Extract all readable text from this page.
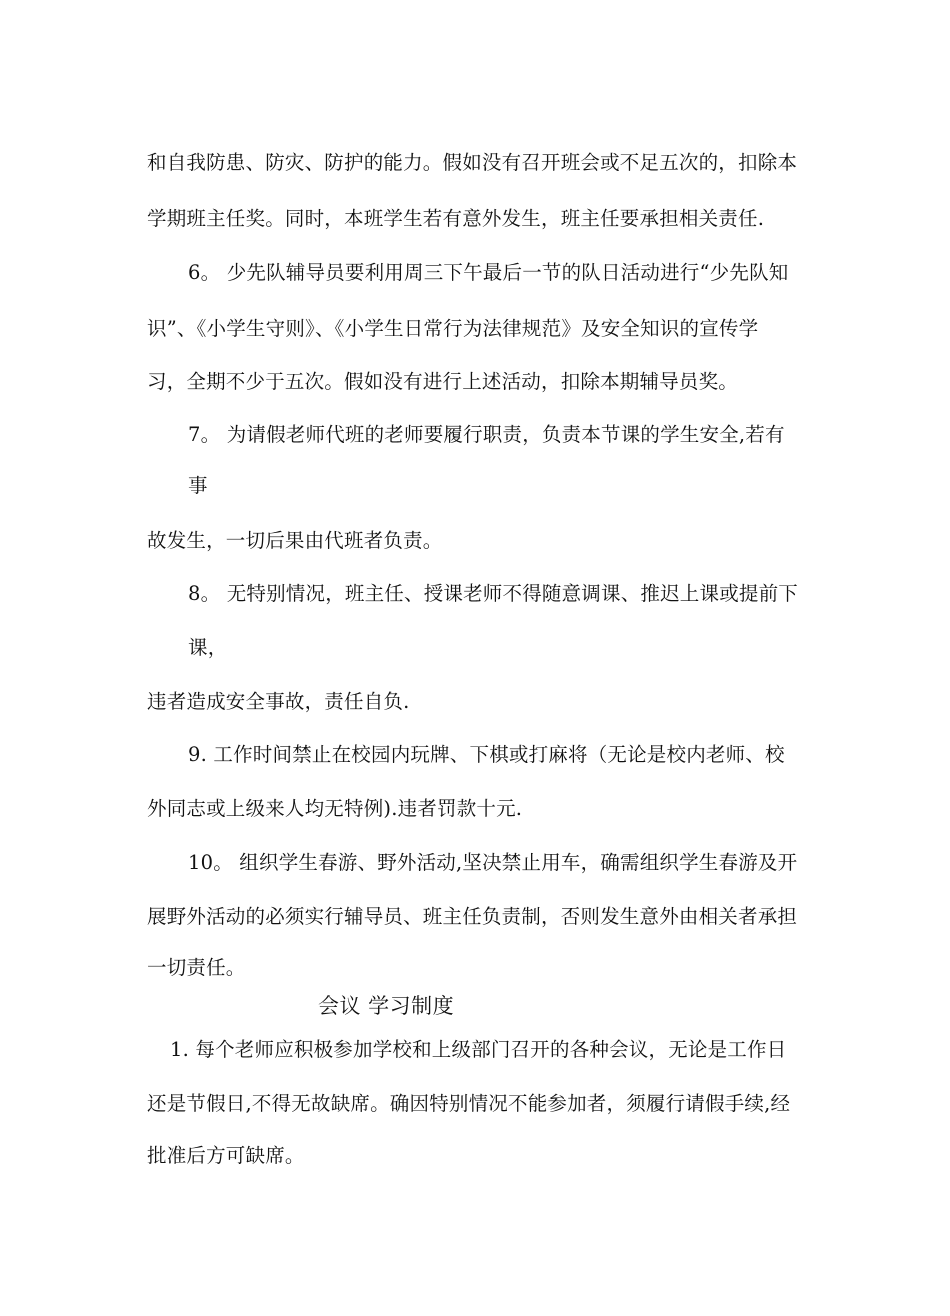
和自我防患、防灾、防护的能力。假如没有召开班会或不足五次的，扣除本
学期班主任奖。同时，本班学生若有意外发生，班主任要承担相关责任.
6。 少先队辅导员要利用周三下午最后一节的队日活动进行“少先队知
识”、《小学生守则》、《小学生日常行为法律规范》及安全知识的宣传学
习，全期不少于五次。假如没有进行上述活动，扣除本期辅导员奖。
7。 为请假老师代班的老师要履行职责，负责本节课的学生安全,若有
事
故发生，一切后果由代班者负责。
8。 无特别情况，班主任、授课老师不得随意调课、推迟上课或提前下
课，
违者造成安全事故，责任自负.
9. 工作时间禁止在校园内玩牌、下棋或打麻将（无论是校内老师、校
外同志或上级来人均无特例).违者罚款十元.
10。 组织学生春游、野外活动,坚决禁止用车，确需组织学生春游及开
展野外活动的必须实行辅导员、班主任负责制，否则发生意外由相关者承担
一切责任。
会议 学习制度
1. 每个老师应积极参加学校和上级部门召开的各种会议，无论是工作日
还是节假日,不得无故缺席。确因特别情况不能参加者，须履行请假手续,经
批准后方可缺席。
